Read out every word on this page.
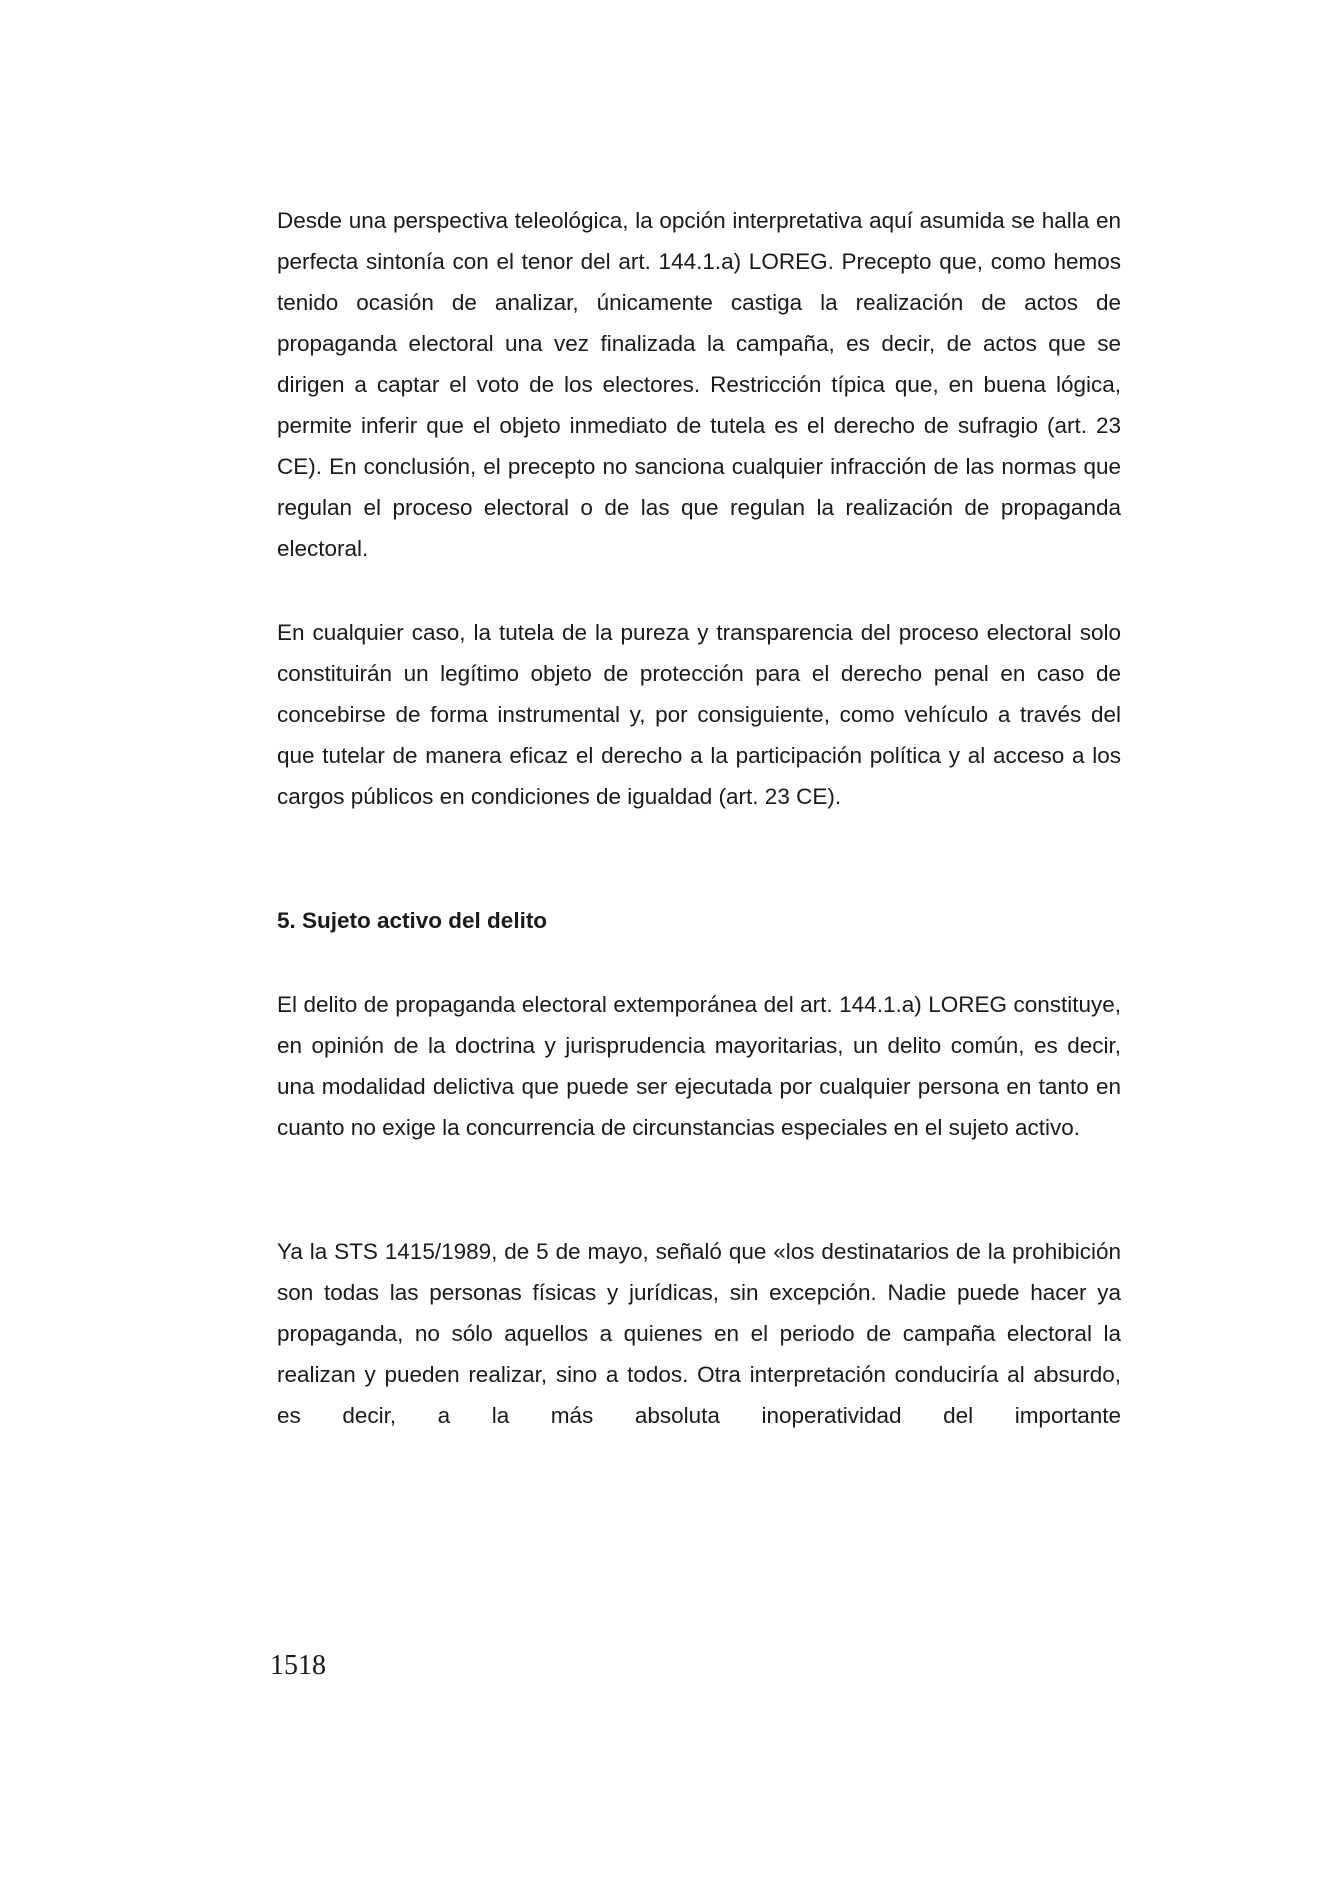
Desde una perspectiva teleológica, la opción interpretativa aquí asumida se halla en perfecta sintonía con el tenor del art. 144.1.a) LOREG. Precepto que, como hemos tenido ocasión de analizar, únicamente castiga la realización de actos de propaganda electoral una vez finalizada la campaña, es decir, de actos que se dirigen a captar el voto de los electores. Restricción típica que, en buena lógica, permite inferir que el objeto inmediato de tutela es el derecho de sufragio (art. 23 CE). En conclusión, el precepto no sanciona cualquier infracción de las normas que regulan el proceso electoral o de las que regulan la realización de propaganda electoral.

En cualquier caso, la tutela de la pureza y transparencia del proceso electoral solo constituirán un legítimo objeto de protección para el derecho penal en caso de concebirse de forma instrumental y, por consiguiente, como vehículo a través del que tutelar de manera eficaz el derecho a la participación política y al acceso a los cargos públicos en condiciones de igualdad (art. 23 CE).

5. Sujeto activo del delito

El delito de propaganda electoral extemporánea del art. 144.1.a) LOREG constituye, en opinión de la doctrina y jurisprudencia mayoritarias, un delito común, es decir, una modalidad delictiva que puede ser ejecutada por cualquier persona en tanto en cuanto no exige la concurrencia de circunstancias especiales en el sujeto activo.

Ya la STS 1415/1989, de 5 de mayo, señaló que «los destinatarios de la prohibición son todas las personas físicas y jurídicas, sin excepción. Nadie puede hacer ya propaganda, no sólo aquellos a quienes en el periodo de campaña electoral la realizan y pueden realizar, sino a todos. Otra interpretación conduciría al absurdo, es decir, a la más absoluta inoperatividad del importante

1518
